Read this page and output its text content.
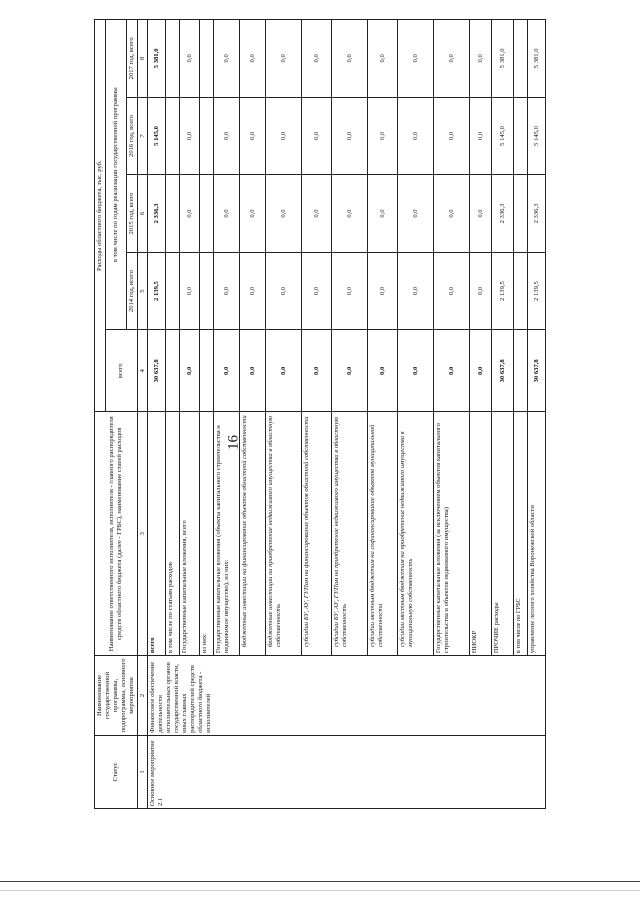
16
Статус	Наименование государственной программы, подпрограммы, основного мероприятия	Наименование ответственного исполнителя, исполнителя - главного распорядителя средств областного бюджета (далее - ГРБС), наименование статей расходов	Расходы областного бюджета, тыс. руб.				
			всего	в том числе по годам реализации государственной программы			
				2014 год, всего	2015 год, всего	2016 год, всего	2017 год, всего
1	2	3	4	5	6	7	8
Основное мероприятие 2.1	Финансовое обеспечение деятельности исполнительных органов государственной власти, иных главных распорядителей средств областного бюджета - исполнителей	всего	30 637,8	2 139,5	2 336,3	5 145,0	5 381,0
		в том числе по статьям расходов					
		Государственные капитальные вложения, всего	0,0	0,0	0,0	0,0	0,0
		из них:					
		Государственные капитальные вложения (объекты капитального строительства и недвижимое имущество), из них:	0,0	0,0	0,0	0,0	0,0
		бюджетные инвестиции на финансирование объектов областной собственности	0,0	0,0	0,0	0,0	0,0
		бюджетные инвестиции на приобретение недвижимого имущества в областную собственность	0,0	0,0	0,0	0,0	0,0
		субсидии БУ, АУ, ГУПам на финансирование объектов областной собственности	0,0	0,0	0,0	0,0	0,0
		субсидии БУ, АУ, ГУПам на приобретение недвижимого имущества в областную собственность	0,0	0,0	0,0	0,0	0,0
		субсидии местным бюджетам на софинансирование объектов муниципальной собственности	0,0	0,0	0,0	0,0	0,0
		субсидии местным бюджетам на приобретение недвижимого имущества в муниципальную собственность	0,0	0,0	0,0	0,0	0,0
		Государственные капитальные вложения (за исключением объектов капитального строительства и объектов недвижимого имущества)	0,0	0,0	0,0	0,0	0,0
		НИОКР	0,0	0,0	0,0	0,0	0,0
		ПРОЧИЕ расходы	30 637,8	2 139,5	2 336,3	5 145,0	5 381,0
		в том числе по ГРБС					
		управление лесного хозяйства Воронежской области	30 637,8	2 139,5	2 336,3	5 145,0	5 381,0
